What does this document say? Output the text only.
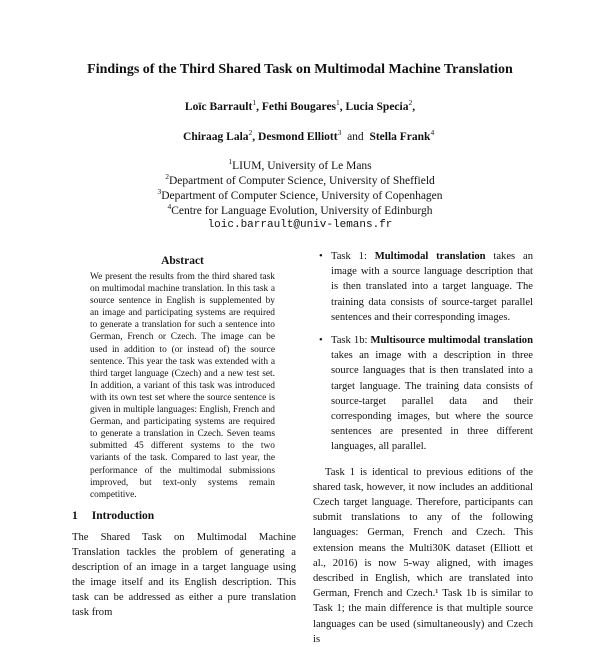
Findings of the Third Shared Task on Multimodal Machine Translation
Loïc Barrault$^1$, Fethi Bougares$^1$, Lucia Specia$^2$,

Chiraag Lala$^2$, Desmond Elliott$^3$  and  Stella Frank$^4$

$^1$LIUM, University of Le Mans
$^2$Department of Computer Science, University of Sheffield
$^3$Department of Computer Science, University of Copenhagen
$^4$Centre for Language Evolution, University of Edinburgh
loic.barrault@univ-lemans.fr
Abstract

We present the results from the third shared task on multimodal machine translation. In this task a source sentence in English is supplemented by an image and participating systems are required to generate a translation for such a sentence into German, French or Czech. The image can be used in addition to (or instead of) the source sentence. This year the task was extended with a third target language (Czech) and a new test set. In addition, a variant of this task was introduced with its own test set where the source sentence is given in multiple languages: English, French and German, and participating systems are required to generate a translation in Czech. Seven teams submitted 45 different systems to the two variants of the task. Compared to last year, the performance of the multimodal submissions improved, but text-only systems remain competitive.

1 Introduction

The Shared Task on Multimodal Machine Translation tackles the problem of generating a description of an image in a target language using the image itself and its English description. This task can be addressed as either a pure translation task from

• Task 1: Multimodal translation takes an image with a source language description that is then translated into a target language. The training data consists of source-target parallel sentences and their corresponding images.

• Task 1b: Multisource multimodal translation takes an image with a description in three source languages that is then translated into a target language. The training data consists of source-target parallel data and their corresponding images, but where the source sentences are presented in three different languages, all parallel.

Task 1 is identical to previous editions of the shared task, however, it now includes an additional Czech target language. Therefore, participants can submit translations to any of the following languages: German, French and Czech. This extension means the Multi30K dataset (Elliott et al., 2016) is now 5-way aligned, with images described in English, which are translated into German, French and Czech.¹ Task 1b is similar to Task 1; the main difference is that multiple source languages can be used (simultaneously) and Czech is
